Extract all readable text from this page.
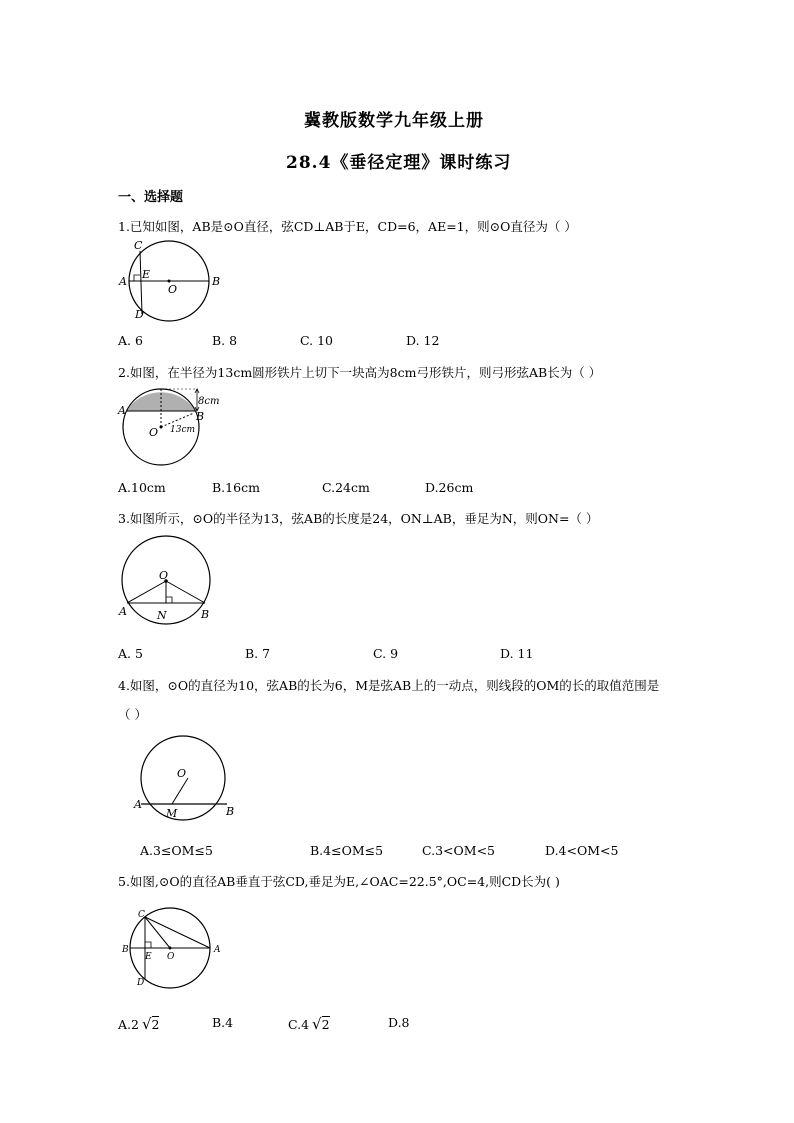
冀教版数学九年级上册
28.4《垂径定理》课时练习
一、选择题
1.已知如图，AB是⊙O直径，弦CD⊥AB于E，CD=6，AE=1，则⊙O直径为（ ）
C
E
A
O
B
D
A. 6	B. 8	C. 10	D. 12
2.如图，在半径为13cm圆形铁片上切下一块高为8cm弓形铁片，则弓形弦AB长为（ ）
A
8cm
B
O 13cm
A.10cm	B.16cm	C.24cm	D.26cm
3.如图所示，⊙O的半径为13，弦AB的长度是24，ON⊥AB，垂足为N，则ON=（ ）
O
A	N	B
A. 5	B. 7	C. 9	D. 11
4.如图，⊙O的直径为10，弦AB的长为6，M是弦AB上的一动点，则线段的OM的长的取值范围是
（ ）
O
A
M	B
A.3≤OM≤5	B.4≤OM≤5	C.3<OM<5	D.4<OM<5
5.如图,⊙O的直径AB垂直于弦CD,垂足为E,∠OAC=22.5°,OC=4,则CD长为( )
C
B
E O
A
D
A.2 √2	B.4	C.4 √2	D.8
